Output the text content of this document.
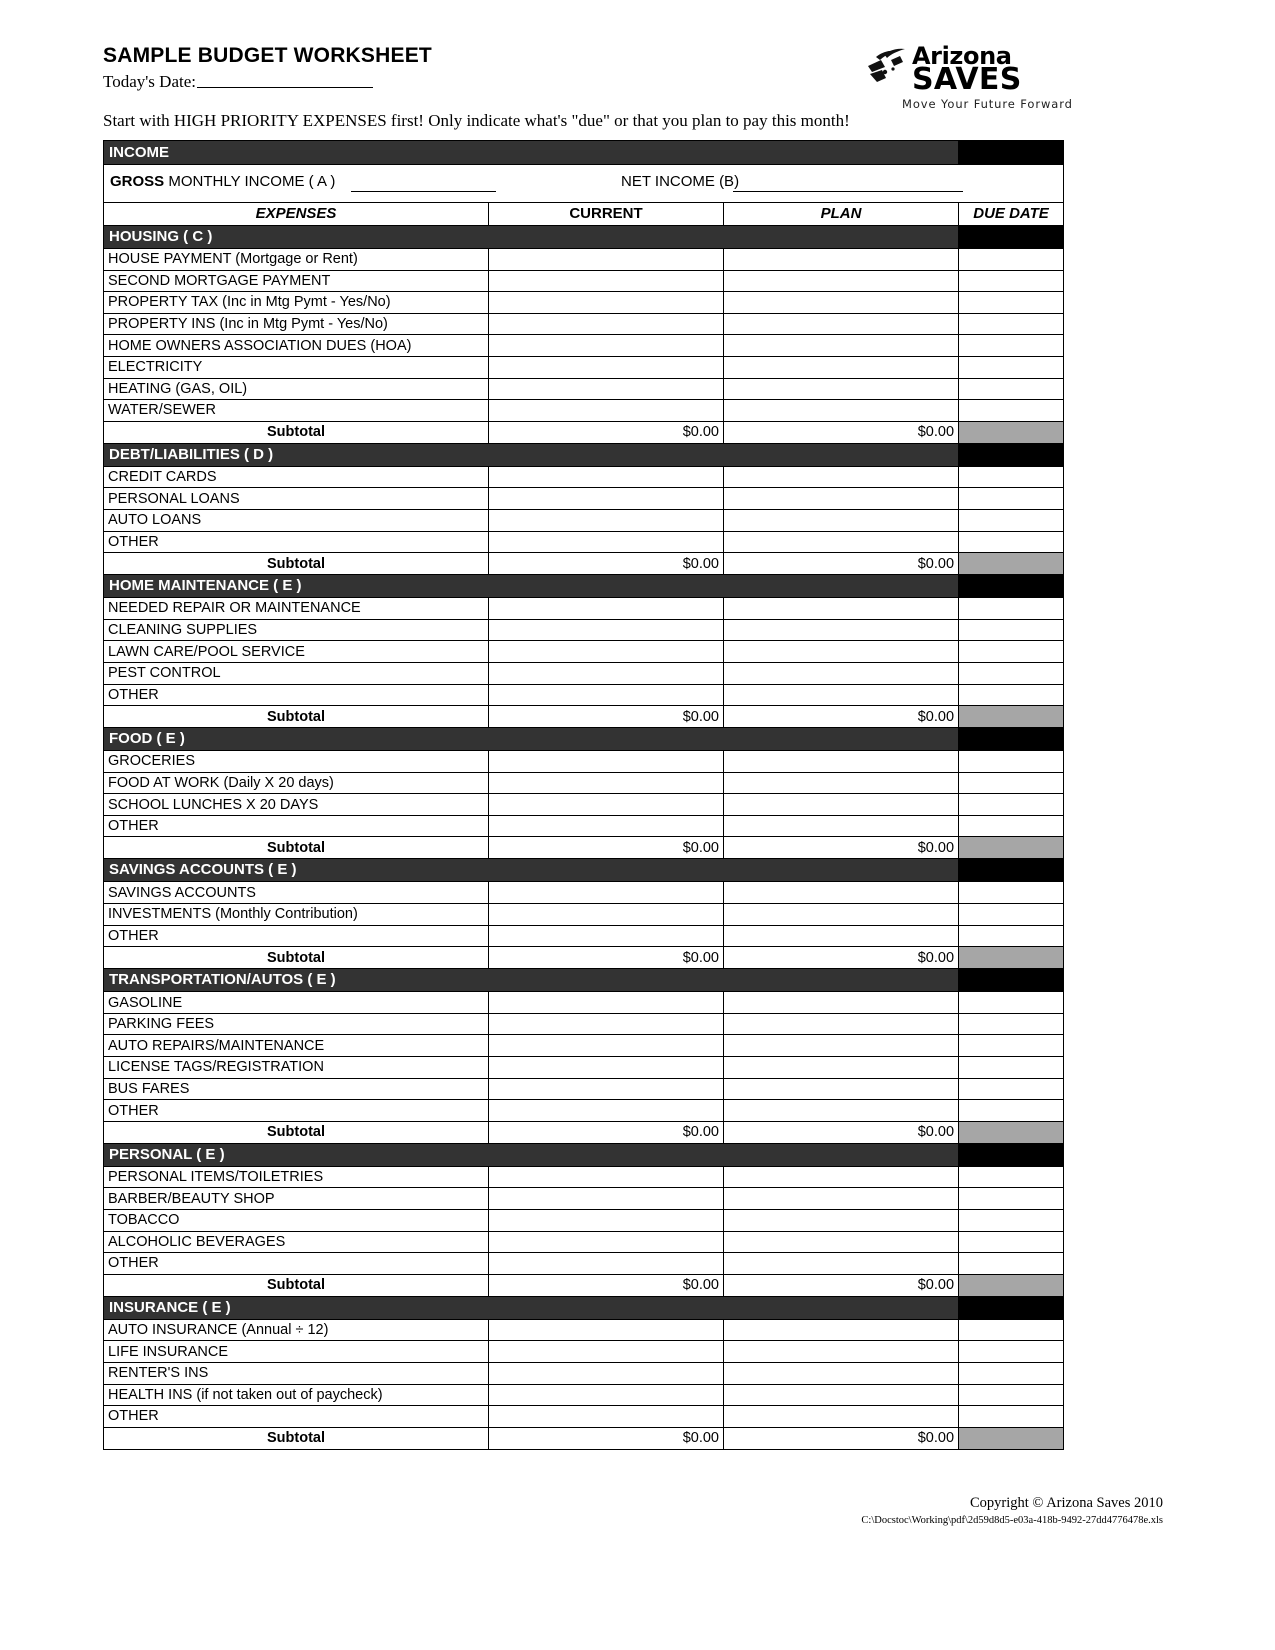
SAMPLE BUDGET WORKSHEET
Today's Date:
Start with HIGH PRIORITY EXPENSES first! Only indicate what's "due" or that you plan to pay this month!
Arizona
SAVES
Move Your Future Forward
INCOME			

GROSS MONTHLY INCOME ( A ) NET INCOME (B)			

EXPENSES	CURRENT	PLAN	DUE DATE
HOUSING ( C )			
HOUSE PAYMENT (Mortgage or Rent)			
SECOND MORTGAGE PAYMENT			
PROPERTY TAX (Inc in Mtg Pymt - Yes/No)			
PROPERTY INS (Inc in Mtg Pymt - Yes/No)			
HOME OWNERS ASSOCIATION DUES (HOA)			
ELECTRICITY			
HEATING (GAS, OIL)			
WATER/SEWER			
Subtotal	$0.00	$0.00	
DEBT/LIABILITIES ( D )			
CREDIT CARDS			
PERSONAL LOANS			
AUTO LOANS			
OTHER			
Subtotal	$0.00	$0.00	
HOME MAINTENANCE ( E )			
NEEDED REPAIR OR MAINTENANCE			
CLEANING SUPPLIES			
LAWN CARE/POOL SERVICE			
PEST CONTROL			
OTHER			
Subtotal	$0.00	$0.00	
FOOD ( E )			
GROCERIES			
FOOD AT WORK (Daily X 20 days)			
SCHOOL LUNCHES X 20 DAYS			
OTHER			
Subtotal	$0.00	$0.00	
SAVINGS ACCOUNTS ( E )			
SAVINGS ACCOUNTS			
INVESTMENTS (Monthly Contribution)			
OTHER			
Subtotal	$0.00	$0.00	
TRANSPORTATION/AUTOS ( E )			
GASOLINE			
PARKING FEES			
AUTO REPAIRS/MAINTENANCE			
LICENSE TAGS/REGISTRATION			
BUS FARES			
OTHER			
Subtotal	$0.00	$0.00	
PERSONAL ( E )			
PERSONAL ITEMS/TOILETRIES			
BARBER/BEAUTY SHOP			
TOBACCO			
ALCOHOLIC BEVERAGES			
OTHER			
Subtotal	$0.00	$0.00	
INSURANCE ( E )			
AUTO INSURANCE (Annual ÷ 12)			
LIFE INSURANCE			
RENTER'S INS			
HEALTH INS (if not taken out of paycheck)			
OTHER			
Subtotal	$0.00	$0.00	
Copyright © Arizona Saves 2010
C:\Docstoc\Working\pdf\2d59d8d5-e03a-418b-9492-27dd4776478e.xls
